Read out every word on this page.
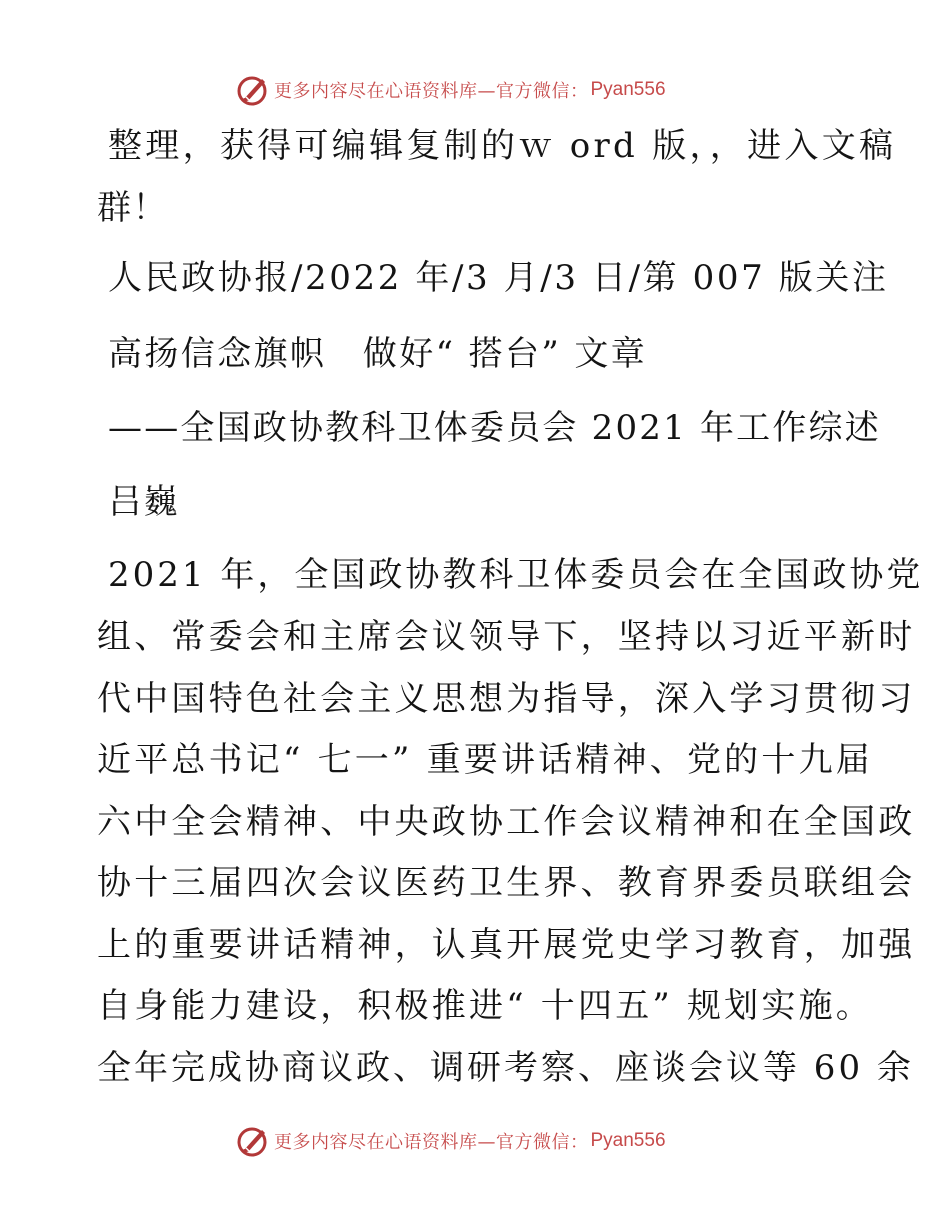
更多内容尽在心语资料库—官方微信： Pyan556
整理，获得可编辑复制的ｗ ord 版，，进入文稿
群！
人民政协报/2022 年/3 月/3 日/第 007 版关注
高扬信念旗帜　做好“ 搭台” 文章
——全国政协教科卫体委员会 2021 年工作综述
吕巍
2021 年，全国政协教科卫体委员会在全国政协党
组、常委会和主席会议领导下，坚持以习近平新时
代中国特色社会主义思想为指导，深入学习贯彻习
近平总书记“ 七一” 重要讲话精神、党的十九届
六中全会精神、中央政协工作会议精神和在全国政
协十三届四次会议医药卫生界、教育界委员联组会
上的重要讲话精神，认真开展党史学习教育，加强
自身能力建设，积极推进“ 十四五” 规划实施。
全年完成协商议政、调研考察、座谈会议等 60 余
更多内容尽在心语资料库—官方微信： Pyan556
